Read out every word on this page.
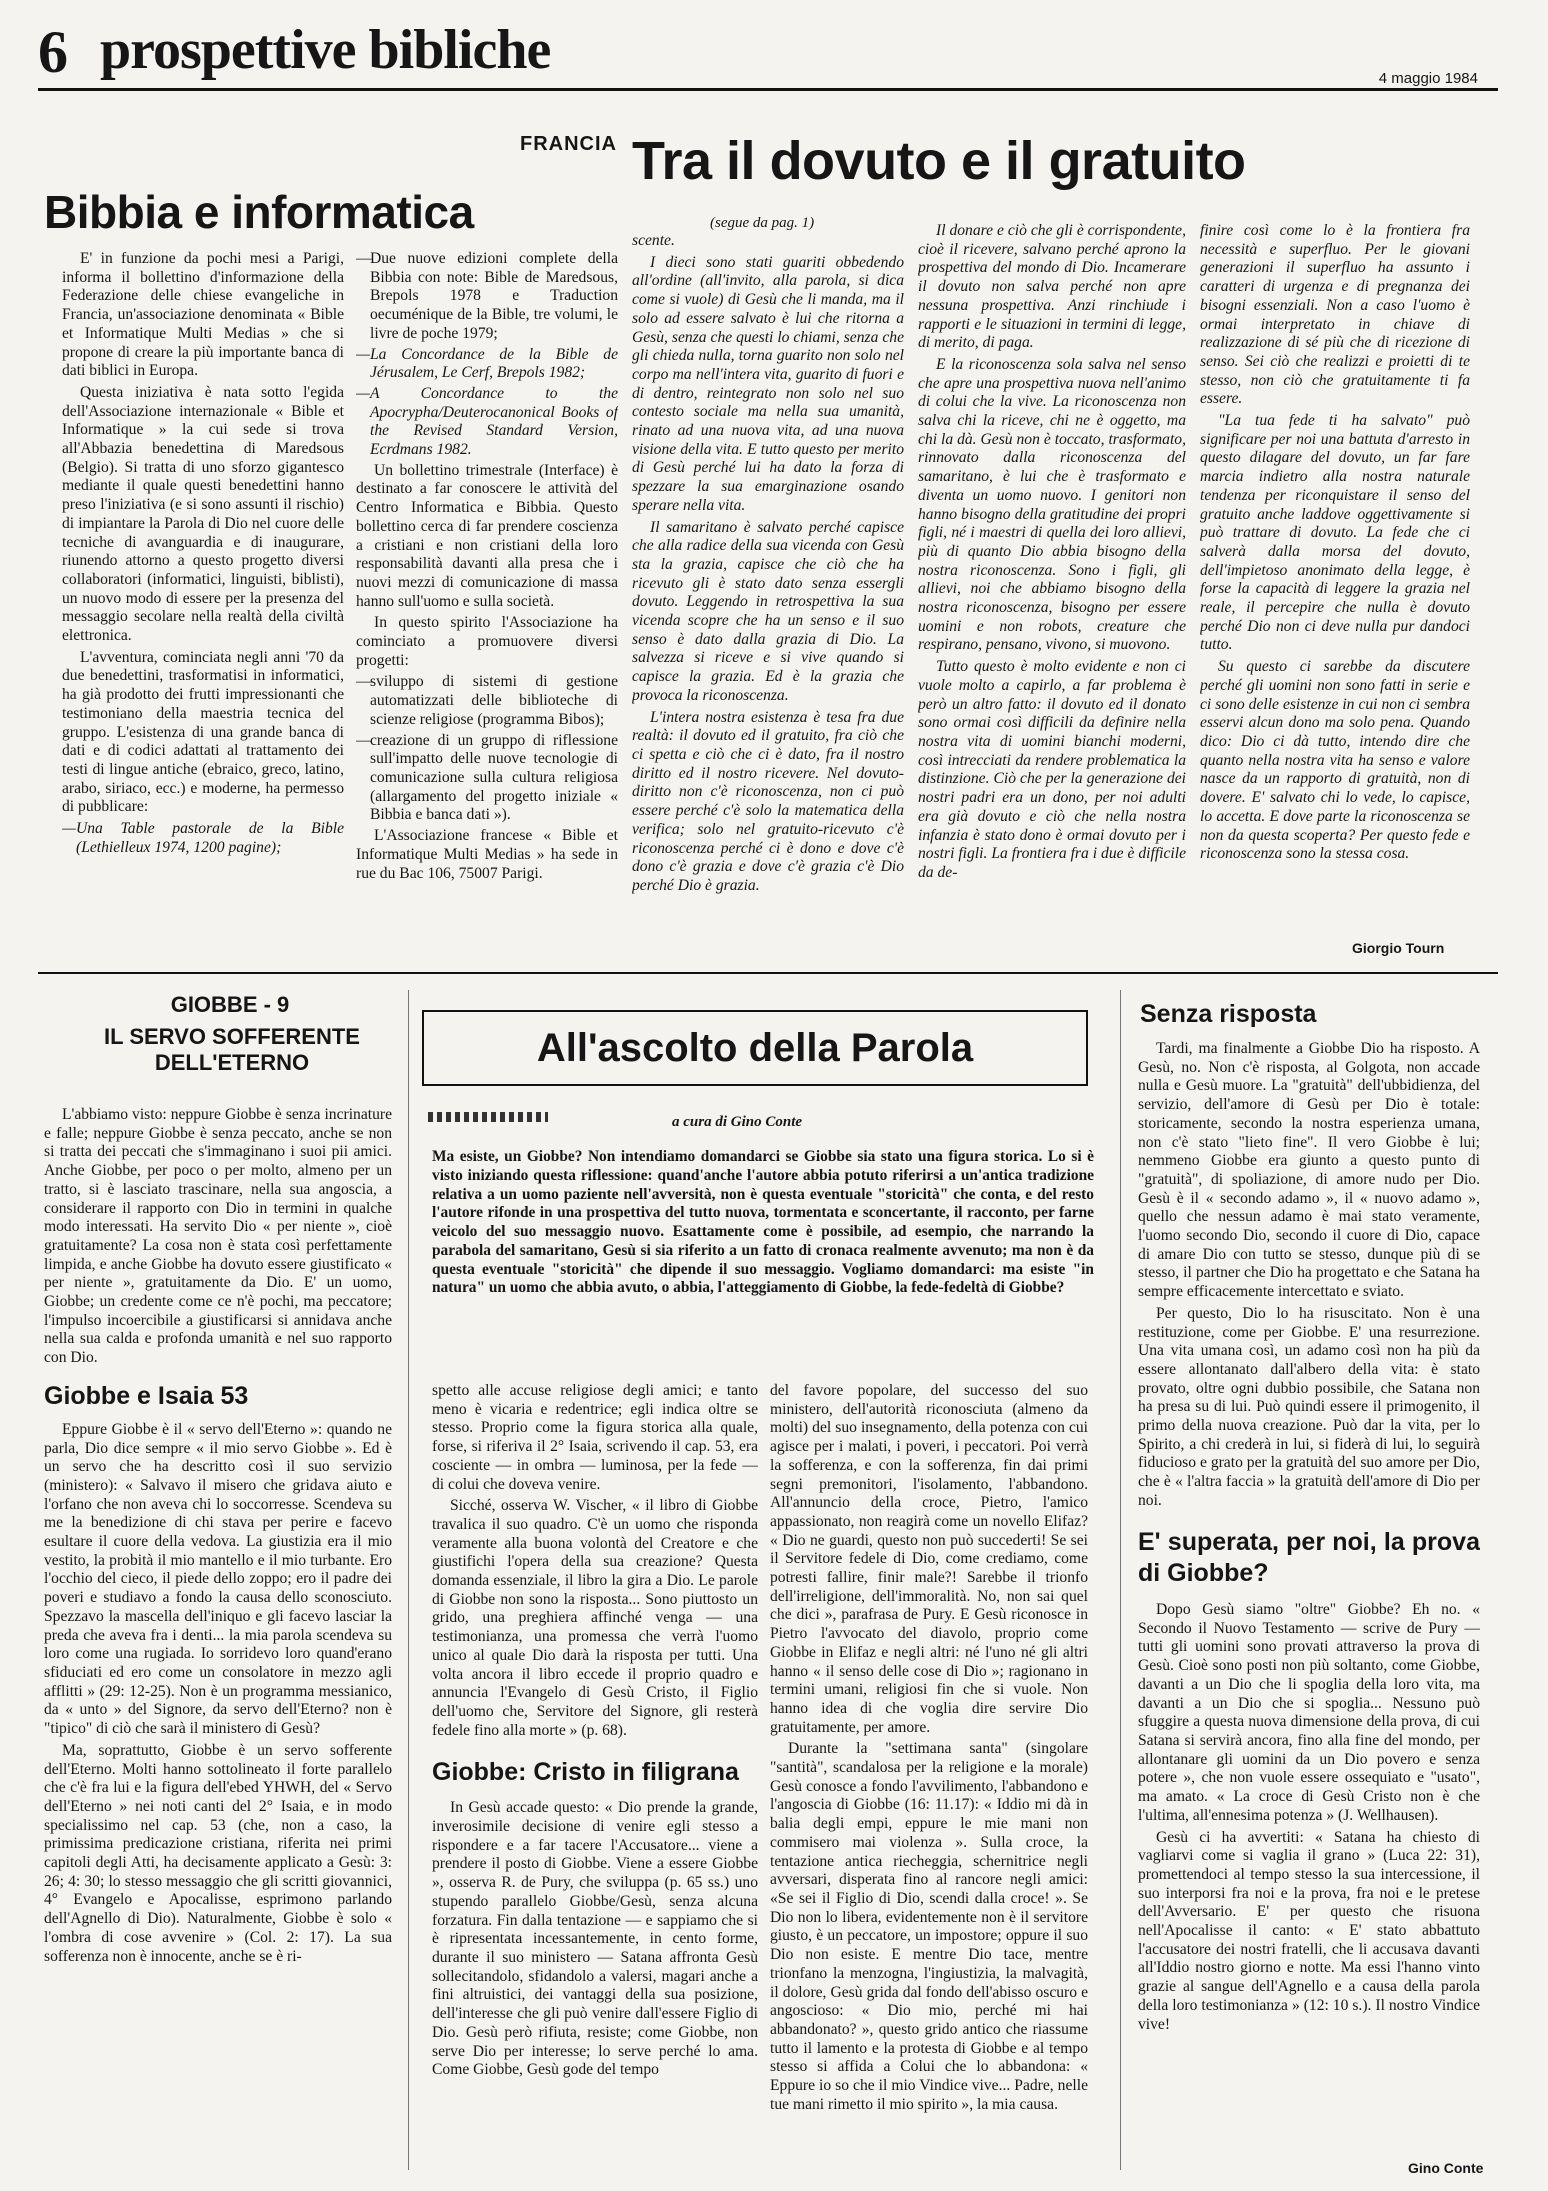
6 prospettive bibliche	4 maggio 1984
FRANCIA
Bibbia e informatica

E' in funzione da pochi mesi a Parigi, informa il bollettino d'informazione della Federazione delle chiese evangeliche in Francia, un'associazione denominata « Bible et Informatique Multi Medias » che si propone di creare la più importante banca di dati biblici in Europa.

Questa iniziativa è nata sotto l'egida dell'Associazione internazionale « Bible et Informatique » la cui sede si trova all'Abbazia benedettina di Maredsous (Belgio). Si tratta di uno sforzo gigantesco mediante il quale questi benedettini hanno preso l'iniziativa (e si sono assunti il rischio) di impiantare la Parola di Dio nel cuore delle tecniche di avanguardia e di inaugurare, riunendo attorno a questo progetto diversi collaboratori (informatici, linguisti, biblisti), un nuovo modo di essere per la presenza del messaggio secolare nella realtà della civiltà elettronica.

L'avventura, cominciata negli anni '70 da due benedettini, trasformatisi in informatici, ha già prodotto dei frutti impressionanti che testimoniano della maestria tecnica del gruppo. L'esistenza di una grande banca di dati e di codici adattati al trattamento dei testi di lingue antiche (ebraico, greco, latino, arabo, siriaco, ecc.) e moderne, ha permesso di pubblicare:

— Una Table pastorale de la Bible (Lethielleux 1974, 1200 pagine);
— Due nuove edizioni complete della Bibbia con note: Bible de Maredsous, Brepols 1978 e Traduction oecuménique de la Bible, tre volumi, le livre de poche 1979;
— La Concordance de la Bible de Jérusalem, Le Cerf, Brepols 1982;
— A Concordance to the Apocrypha/Deuterocanonical Books of the Revised Standard Version, Ecrdmans 1982.

Un bollettino trimestrale (Interface) è destinato a far conoscere le attività del Centro Informatica e Bibbia. Questo bollettino cerca di far prendere coscienza a cristiani e non cristiani della loro responsabilità davanti alla presa che i nuovi mezzi di comunicazione di massa hanno sull'uomo e sulla società.

In questo spirito l'Associazione ha cominciato a promuovere diversi progetti:

— sviluppo di sistemi di gestione automatizzati delle biblioteche di scienze religiose (programma Bibos);
— creazione di un gruppo di riflessione sull'impatto delle nuove tecnologie di comunicazione sulla cultura religiosa (allargamento del progetto iniziale « Bibbia e banca dati »).

L'Associazione francese « Bible et Informatique Multi Medias » ha sede in rue du Bac 106, 75007 Parigi.

Tra il dovuto e il gratuito
(segue da pag. 1)

scente.

I dieci sono stati guariti obbedendo all'ordine (all'invito, alla parola, si dica come si vuole) di Gesù che li manda, ma il solo ad essere salvato è lui che ritorna a Gesù, senza che questi lo chiami, senza che gli chieda nulla, torna guarito non solo nel corpo ma nell'intera vita, guarito di fuori e di dentro, reintegrato non solo nel suo contesto sociale ma nella sua umanità, rinato ad una nuova vita, ad una nuova visione della vita. E tutto questo per merito di Gesù perché lui ha dato la forza di spezzare la sua emarginazione osando sperare nella vita.

Il samaritano è salvato perché capisce che alla radice della sua vicenda con Gesù sta la grazia, capisce che ciò che ha ricevuto gli è stato dato senza essergli dovuto. Leggendo in retrospettiva la sua vicenda scopre che ha un senso e il suo senso è dato dalla grazia di Dio. La salvezza si riceve e si vive quando si capisce la grazia. Ed è la grazia che provoca la riconoscenza.

L'intera nostra esistenza è tesa fra due realtà: il dovuto ed il gratuito, fra ciò che ci spetta e ciò che ci è dato, fra il nostro diritto ed il nostro ricevere. Nel dovuto-diritto non c'è riconoscenza, non ci può essere perché c'è solo la matematica della verifica; solo nel gratuito-ricevuto c'è riconoscenza perché ci è dono e dove c'è dono c'è grazia e dove c'è grazia c'è Dio perché Dio è grazia.

Il donare e ciò che gli è corrispondente, cioè il ricevere, salvano perché aprono la prospettiva del mondo di Dio. Incamerare il dovuto non salva perché non apre nessuna prospettiva. Anzi rinchiude i rapporti e le situazioni in termini di legge, di merito, di paga.

E la riconoscenza sola salva nel senso che apre una prospettiva nuova nell'animo di colui che la vive. La riconoscenza non salva chi la riceve, chi ne è oggetto, ma chi la dà. Gesù non è toccato, trasformato, rinnovato dalla riconoscenza del samaritano, è lui che è trasformato e diventa un uomo nuovo. I genitori non hanno bisogno della gratitudine dei propri figli, né i maestri di quella dei loro allievi, più di quanto Dio abbia bisogno della nostra riconoscenza. Sono i figli, gli allievi, noi che abbiamo bisogno della nostra riconoscenza, bisogno per essere uomini e non robots, creature che respirano, pensano, vivono, si muovono.

Tutto questo è molto evidente e non ci vuole molto a capirlo, a far problema è però un altro fatto: il dovuto ed il donato sono ormai così difficili da definire nella nostra vita di uomini bianchi moderni, così intrecciati da rendere problematica la distinzione. Ciò che per la generazione dei nostri padri era un dono, per noi adulti era già dovuto e ciò che nella nostra infanzia è stato dono è ormai dovuto per i nostri figli. La frontiera fra i due è difficile da de-

finire così come lo è la frontiera fra necessità e superfluo. Per le giovani generazioni il superfluo ha assunto i caratteri di urgenza e di pregnanza dei bisogni essenziali. Non a caso l'uomo è ormai interpretato in chiave di realizzazione di sé più che di ricezione di senso. Sei ciò che realizzi e proietti di te stesso, non ciò che gratuitamente ti fa essere.

"La tua fede ti ha salvato" può significare per noi una battuta d'arresto in questo dilagare del dovuto, un far fare marcia indietro alla nostra naturale tendenza per riconquistare il senso del gratuito anche laddove oggettivamente si può trattare di dovuto. La fede che ci salverà dalla morsa del dovuto, dell'impietoso anonimato della legge, è forse la capacità di leggere la grazia nel reale, il percepire che nulla è dovuto perché Dio non ci deve nulla pur dandoci tutto.

Su questo ci sarebbe da discutere perché gli uomini non sono fatti in serie e ci sono delle esistenze in cui non ci sembra esservi alcun dono ma solo pena. Quando dico: Dio ci dà tutto, intendo dire che quanto nella nostra vita ha senso e valore nasce da un rapporto di gratuità, non di dovere. E' salvato chi lo vede, lo capisce, lo accetta. E dove parte la riconoscenza se non da questa scoperta? Per questo fede e riconoscenza sono la stessa cosa.

Giorgio Tourn
GIOBBE - 9
IL SERVO SOFFERENTE DELL'ETERNO

L'abbiamo visto: neppure Giobbe è senza incrinature e falle; neppure Giobbe è senza peccato, anche se non si tratta dei peccati che s'immaginano i suoi pii amici. Anche Giobbe, per poco o per molto, almeno per un tratto, si è lasciato trascinare, nella sua angoscia, a considerare il rapporto con Dio in termini in qualche modo interessati. Ha servito Dio « per niente », cioè gratuitamente? La cosa non è stata così perfettamente limpida, e anche Giobbe ha dovuto essere giustificato « per niente », gratuitamente da Dio. E' un uomo, Giobbe; un credente come ce n'è pochi, ma peccatore; l'impulso incoercibile a giustificarsi si annidava anche nella sua calda e profonda umanità e nel suo rapporto con Dio.

Giobbe e Isaia 53

Eppure Giobbe è il « servo dell'Eterno »: quando ne parla, Dio dice sempre « il mio servo Giobbe ». Ed è un servo che ha descritto così il suo servizio (ministero): « Salvavo il misero che gridava aiuto e l'orfano che non aveva chi lo soccorresse. Scendeva su me la benedizione di chi stava per perire e facevo esultare il cuore della vedova. La giustizia era il mio vestito, la probità il mio mantello e il mio turbante. Ero l'occhio del cieco, il piede dello zoppo; ero il padre dei poveri e studiavo a fondo la causa dello sconosciuto. Spezzavo la mascella dell'iniquo e gli facevo lasciar la preda che aveva fra i denti... la mia parola scendeva su loro come una rugiada. Io sorridevo loro quand'erano sfiduciati ed ero come un consolatore in mezzo agli afflitti » (29: 12-25). Non è un programma messianico, da « unto » del Signore, da servo dell'Eterno? non è "tipico" di ciò che sarà il ministero di Gesù?

Ma, soprattutto, Giobbe è un servo sofferente dell'Eterno. Molti hanno sottolineato il forte parallelo che c'è fra lui e la figura dell'ebed YHWH, del « Servo dell'Eterno » nei noti canti del 2° Isaia, e in modo specialissimo nel cap. 53 (che, non a caso, la primissima predicazione cristiana, riferita nei primi capitoli degli Atti, ha decisamente applicato a Gesù: 3: 26; 4: 30; lo stesso messaggio che gli scritti giovannici, 4° Evangelo e Apocalisse, esprimono parlando dell'Agnello di Dio). Naturalmente, Giobbe è solo « l'ombra di cose avvenire » (Col. 2: 17). La sua sofferenza non è innocente, anche se è ri-

All'ascolto della Parola
a cura di Gino Conte
Ma esiste, un Giobbe? Non intendiamo domandarci se Giobbe sia stato una figura storica. Lo si è visto iniziando questa riflessione: quand'anche l'autore abbia potuto riferirsi a un'antica tradizione relativa a un uomo paziente nell'avversità, non è questa eventuale "storicità" che conta, e del resto l'autore rifonde in una prospettiva del tutto nuova, tormentata e sconcertante, il racconto, per farne veicolo del suo messaggio nuovo. Esattamente come è possibile, ad esempio, che narrando la parabola del samaritano, Gesù si sia riferito a un fatto di cronaca realmente avvenuto; ma non è da questa eventuale "storicità" che dipende il suo messaggio. Vogliamo domandarci: ma esiste "in natura" un uomo che abbia avuto, o abbia, l'atteggiamento di Giobbe, la fede-fedeltà di Giobbe?

spetto alle accuse religiose degli amici; e tanto meno è vicaria e redentrice; egli indica oltre se stesso. Proprio come la figura storica alla quale, forse, si riferiva il 2° Isaia, scrivendo il cap. 53, era cosciente — in ombra — luminosa, per la fede — di colui che doveva venire.

Sicché, osserva W. Vischer, « il libro di Giobbe travalica il suo quadro. C'è un uomo che risponda veramente alla buona volontà del Creatore e che giustifichi l'opera della sua creazione? Questa domanda essenziale, il libro la gira a Dio. Le parole di Giobbe non sono la risposta... Sono piuttosto un grido, una preghiera affinché venga — una testimonianza, una promessa che verrà l'uomo unico al quale Dio darà la risposta per tutti. Una volta ancora il libro eccede il proprio quadro e annuncia l'Evangelo di Gesù Cristo, il Figlio dell'uomo che, Servitore del Signore, gli resterà fedele fino alla morte » (p. 68).

Giobbe: Cristo in filigrana

In Gesù accade questo: « Dio prende la grande, inverosimile decisione di venire egli stesso a rispondere e a far tacere l'Accusatore... viene a prendere il posto di Giobbe. Viene a essere Giobbe », osserva R. de Pury, che sviluppa (p. 65 ss.) uno stupendo parallelo Giobbe/Gesù, senza alcuna forzatura. Fin dalla tentazione — e sappiamo che si è ripresentata incessantemente, in cento forme, durante il suo ministero — Satana affronta Gesù sollecitandolo, sfidandolo a valersi, magari anche a fini altruistici, dei vantaggi della sua posizione, dell'interesse che gli può venire dall'essere Figlio di Dio. Gesù però rifiuta, resiste; come Giobbe, non serve Dio per interesse; lo serve perché lo ama. Come Giobbe, Gesù gode del tempo

del favore popolare, del successo del suo ministero, dell'autorità riconosciuta (almeno da molti) del suo insegnamento, della potenza con cui agisce per i malati, i poveri, i peccatori. Poi verrà la sofferenza, e con la sofferenza, fin dai primi segni premonitori, l'isolamento, l'abbandono. All'annuncio della croce, Pietro, l'amico appassionato, non reagirà come un novello Elifaz? « Dio ne guardi, questo non può succederti! Se sei il Servitore fedele di Dio, come crediamo, come potresti fallire, finir male?! Sarebbe il trionfo dell'irreligione, dell'immoralità. No, non sai quel che dici », parafrasa de Pury. E Gesù riconosce in Pietro l'avvocato del diavolo, proprio come Giobbe in Elifaz e negli altri: né l'uno né gli altri hanno « il senso delle cose di Dio »; ragionano in termini umani, religiosi fin che si vuole. Non hanno idea di che voglia dire servire Dio gratuitamente, per amore.

Durante la "settimana santa" (singolare "santità", scandalosa per la religione e la morale) Gesù conosce a fondo l'avvilimento, l'abbandono e l'angoscia di Giobbe (16: 11.17): « Iddio mi dà in balia degli empi, eppure le mie mani non commisero mai violenza ». Sulla croce, la tentazione antica riecheggia, schernitrice negli avversari, disperata fino al rancore negli amici: «Se sei il Figlio di Dio, scendi dalla croce! ». Se Dio non lo libera, evidentemente non è il servitore giusto, è un peccatore, un impostore; oppure il suo Dio non esiste. E mentre Dio tace, mentre trionfano la menzogna, l'ingiustizia, la malvagità, il dolore, Gesù grida dal fondo dell'abisso oscuro e angoscioso: « Dio mio, perché mi hai abbandonato? », questo grido antico che riassume tutto il lamento e la protesta di Giobbe e al tempo stesso si affida a Colui che lo abbandona: « Eppure io so che il mio Vindice vive... Padre, nelle tue mani rimetto il mio spirito », la mia causa.

Senza risposta

Tardi, ma finalmente a Giobbe Dio ha risposto. A Gesù, no. Non c'è risposta, al Golgota, non accade nulla e Gesù muore. La "gratuità" dell'ubbidienza, del servizio, dell'amore di Gesù per Dio è totale: storicamente, secondo la nostra esperienza umana, non c'è stato "lieto fine". Il vero Giobbe è lui; nemmeno Giobbe era giunto a questo punto di "gratuità", di spoliazione, di amore nudo per Dio. Gesù è il « secondo adamo », il « nuovo adamo », quello che nessun adamo è mai stato veramente, l'uomo secondo Dio, secondo il cuore di Dio, capace di amare Dio con tutto se stesso, dunque più di se stesso, il partner che Dio ha progettato e che Satana ha sempre efficacemente intercettato e sviato.

Per questo, Dio lo ha risuscitato. Non è una restituzione, come per Giobbe. E' una resurrezione. Una vita umana così, un adamo così non ha più da essere allontanato dall'albero della vita: è stato provato, oltre ogni dubbio possibile, che Satana non ha presa su di lui. Può quindi essere il primogenito, il primo della nuova creazione. Può dar la vita, per lo Spirito, a chi crederà in lui, si fiderà di lui, lo seguirà fiducioso e grato per la gratuità del suo amore per Dio, che è « l'altra faccia » la gratuità dell'amore di Dio per noi.

E' superata, per noi, la prova di Giobbe?

Dopo Gesù siamo "oltre" Giobbe? Eh no. « Secondo il Nuovo Testamento — scrive de Pury — tutti gli uomini sono provati attraverso la prova di Gesù. Cioè sono posti non più soltanto, come Giobbe, davanti a un Dio che li spoglia della loro vita, ma davanti a un Dio che si spoglia... Nessuno può sfuggire a questa nuova dimensione della prova, di cui Satana si servirà ancora, fino alla fine del mondo, per allontanare gli uomini da un Dio povero e senza potere », che non vuole essere ossequiato e "usato", ma amato. « La croce di Gesù Cristo non è che l'ultima, all'ennesima potenza » (J. Wellhausen).

Gesù ci ha avvertiti: « Satana ha chiesto di vagliarvi come si vaglia il grano » (Luca 22: 31), promettendoci al tempo stesso la sua intercessione, il suo interporsi fra noi e la prova, fra noi e le pretese dell'Avversario. E' per questo che risuona nell'Apocalisse il canto: « E' stato abbattuto l'accusatore dei nostri fratelli, che li accusava davanti all'Iddio nostro giorno e notte. Ma essi l'hanno vinto grazie al sangue dell'Agnello e a causa della parola della loro testimonianza » (12: 10 s.). Il nostro Vindice vive!

Gino Conte
